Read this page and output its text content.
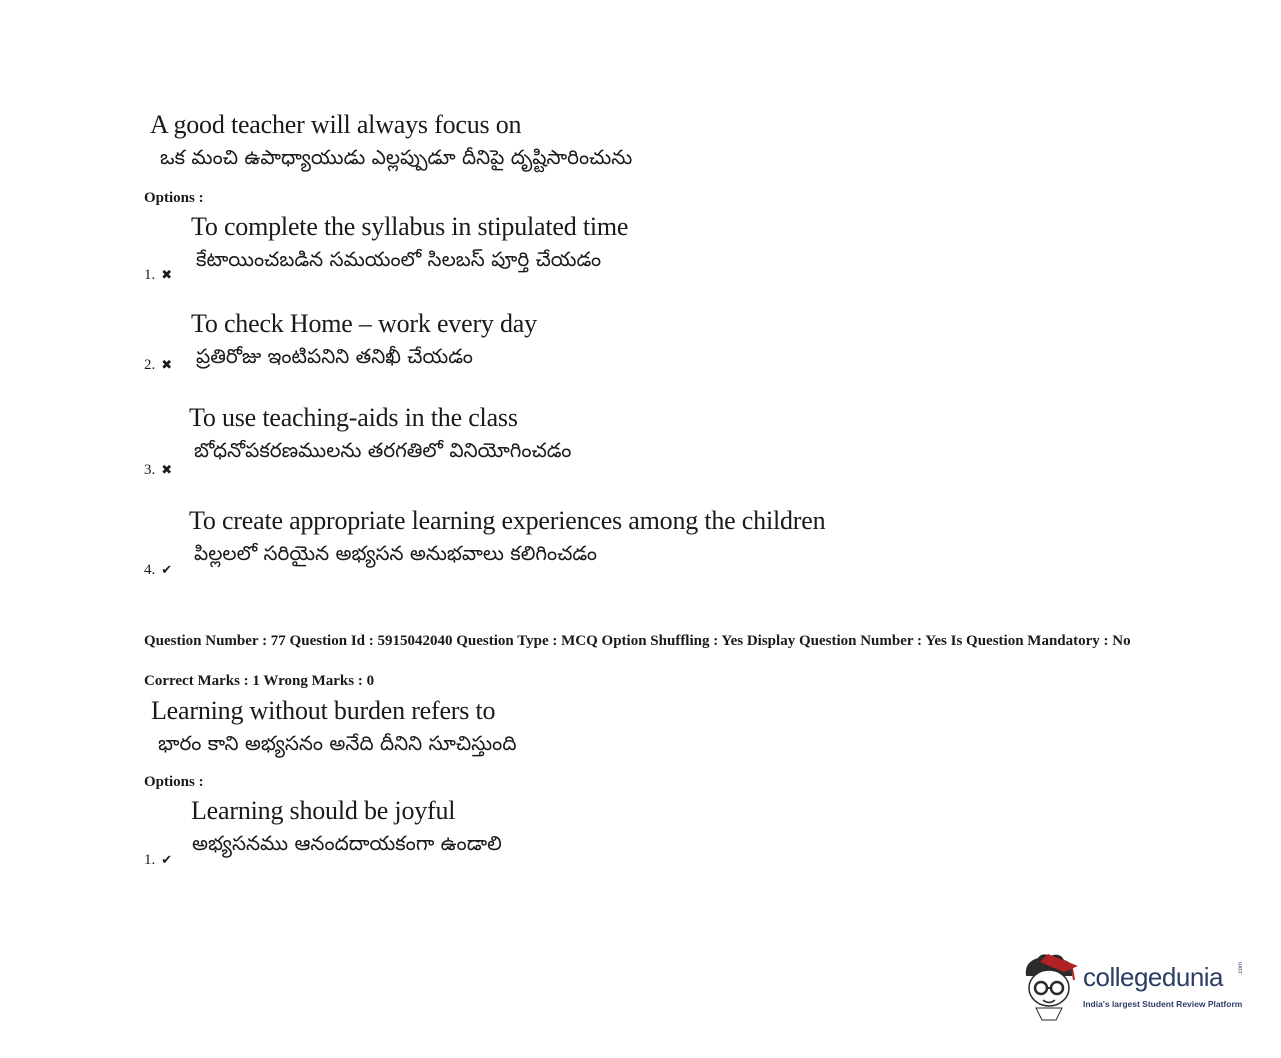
A good teacher will always focus on
ఒక మంచి ఉపాధ్యాయుడు ఎల్లప్పుడూ దీనిపై దృష్టిసారించును
Options :
To complete the syllabus in stipulated time
కేటాయించబడిన సమయంలో సిలబస్ పూర్తి చేయడం
1. ✖
To check Home – work every day
ప్రతిరోజు ఇంటిపనిని తనిఖీ చేయడం
2. ✖
To use teaching-aids in the class
బోధనోపకరణములను తరగతిలో వినియోగించడం
3. ✖
To create appropriate learning experiences among the children
పిల్లలలో సరియైన అభ్యసన అనుభవాలు కలిగించడం
4. ✔
Question Number : 77 Question Id : 5915042040 Question Type : MCQ Option Shuffling : Yes Display Question Number : Yes Is Question Mandatory : No
Correct Marks : 1 Wrong Marks : 0
Learning without burden refers to
భారం కాని అభ్యసనం అనేది దీనిని సూచిస్తుంది
Options :
Learning should be joyful
అభ్యసనము ఆనందదాయకంగా ఉండాలి
1. ✔
collegedunia .com
India's largest Student Review Platform
